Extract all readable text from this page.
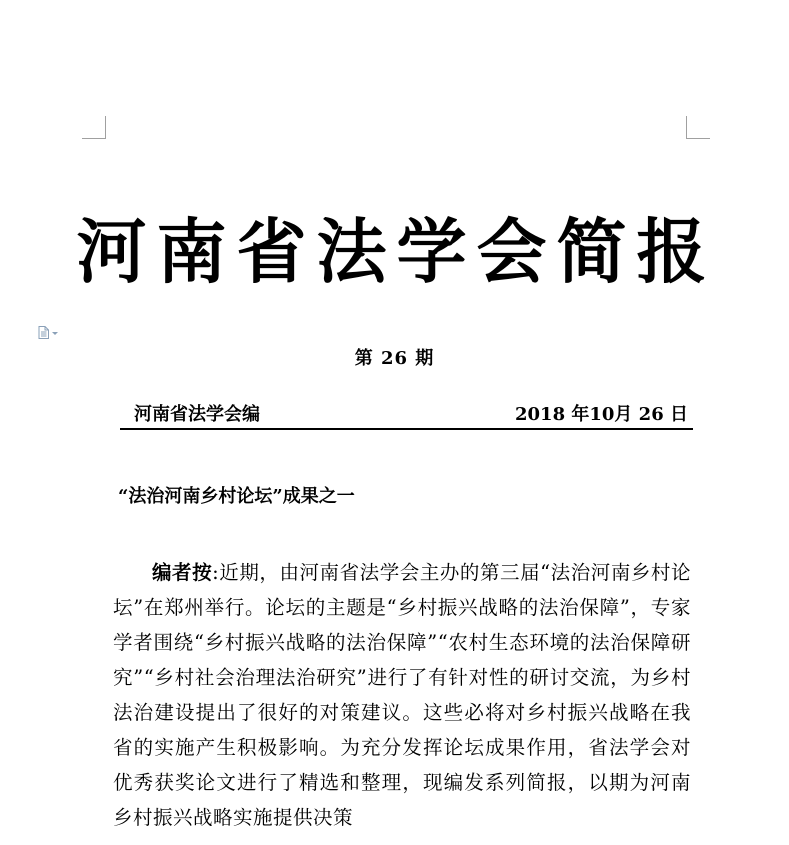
河南省法学会简报
第 26 期
河南省法学会编	2018 年10月 26 日
“法治河南乡村论坛”成果之一

编者按:近期，由河南省法学会主办的第三届“法治河南乡村论坛”在郑州举行。论坛的主题是“乡村振兴战略的法治保障”，专家学者围绕“乡村振兴战略的法治保障”“农村生态环境的法治保障研究”“乡村社会治理法治研究”进行了有针对性的研讨交流，为乡村法治建设提出了很好的对策建议。这些必将对乡村振兴战略在我省的实施产生积极影响。为充分发挥论坛成果作用，省法学会对优秀获奖论文进行了精选和整理，现编发系列简报，以期为河南乡村振兴战略实施提供决策
